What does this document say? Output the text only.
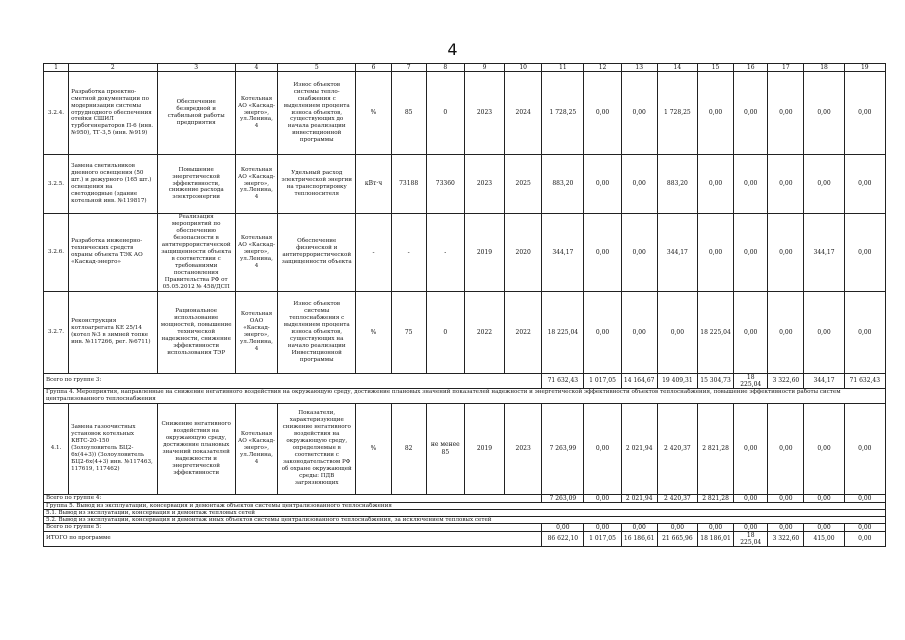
4
1	2	3	4	5	6	7	8	9	10	11	12	13	14	15	16	17	18	19
3.2.4.	Разработка проектно-сметной документации по модернизации системы отруднодного обеспечения отейки СШИЛ турбогенераторов П-6 (инв. №950), ТГ-3,5 (инв. №919)	Обеспечение безвредной и стабильной работы предприятия	Котельная АО «Каскад-энерго», ул.Ленина, 4	Износ объектов системы тепло-снабжения с выделением процента износа объектов, существующих до начала реализации инвестиционной программы	%	85	0	2023	2024	1 728,25	0,00	0,00	1 728,25	0,00	0,00	0,00	0,00	0,00
3.2.5.	Замена светильников дневного освещения (50 шт.) и дежурного (165 шт.) освещения на светодиодные (здание котельной инв. №119817)	Повышение энергетической эффективности, снижение расхода электроэнергии	Котельная АО «Каскад-энерго», ул.Ленина, 4	Удельный расход электрической энергии на транспортировку теплоносителя	кВт·ч	73188	73360	2023	2025	883,20	0,00	0,00	883,20	0,00	0,00	0,00	0,00	0,00
3.2.6.	Разработка инженерно-технических средств охраны объекта ТЭК АО «Каскад-энерго»	Реализация мероприятий по обеспечению безопасности в антитеррористической защищенности объекта в соответствии с требованиями постановления Правительства РФ от 05.05.2012 № 458/ДСП	Котельная АО «Каскад-энерго», ул.Ленина, 4	Обеспечение физической и антитеррористической защищенности объекта	-	-	-	2019	2020	344,17	0,00	0,00	344,17	0,00	0,00	0,00	344,17	0,00
3.2.7.	Реконструкция котлоагрегата КЕ 25/14 (котел №3 в зимней топке инв. №117266, рег. №6711)	Рациональное использование мощностей, повышение технической надежности, снижение эффективности использования ТЭР	Котельная ОАО «Каскад-энерго», ул.Ленина, 4	Износ объектов системы теплоснабжения с выделением процента износа объектов, существующих на начало реализации Инвестиционной программы	%	75	0	2022	2022	18 225,04	0,00	0,00	0,00	18 225,04	0,00	0,00	0,00	0,00
Всего по группе 3:										71 632,43	1 017,05	14 164,67	19 409,31	15 304,73	18 225,04	3 322,60	344,17	71 632,43
Группа 4. Мероприятия, направленные на снижение негативного воздействия на окружающую среду, достижение плановых значений показателей надежности и энергетической эффективности объектов теплоснабжения, повышение эффективности работы систем централизованного теплоснабжения																		
4.1.	Замена газоочистных установок котельных КВТС-20-150 (Золоуловитель БЦ2-6х(4+3)) (Золоуловитель БЦ2-6х(4+3) инв. №117463, 117619, 117462)	Снижение негативного воздействия на окружающую среду, достижение плановых значений показателей надежности и энергетической эффективности	Котельная АО «Каскад-энерго», ул.Ленина, 4	Показатели, характеризующие снижение негативного воздействия на окружающую среду, определяемые в соответствии с законодательством РФ об охране окружающей среды: ПДВ загрязняющих	%	82	не менее 85	2019	2023	7 263,99	0,00	2 021,94	2 420,37	2 821,28	0,00	0,00	0,00	0,00
Всего по группе 4:										7 263,09	0,00	2 021,94	2 420,37	2 821,28	0,00	0,00	0,00	0,00
Группа 5. Вывод из эксплуатации, консервация и демонтаж объектов системы централизованного теплоснабжения																		
5.1. Вывод из эксплуатации, консервация и демонтаж тепловых сетей																		
5.2. Вывод из эксплуатации, консервация и демонтаж иных объектов системы централизованного теплоснабжения, за исключением тепловых сетей																		
Всего по группе 5:										0,00	0,00	0,00	0,00	0,00	0,00	0,00	0,00	0,00
ИТОГО по программе										86 622,10	1 017,05	16 186,61	21 665,96	18 186,01	18 225,04	3 322,60	415,00	0,00
